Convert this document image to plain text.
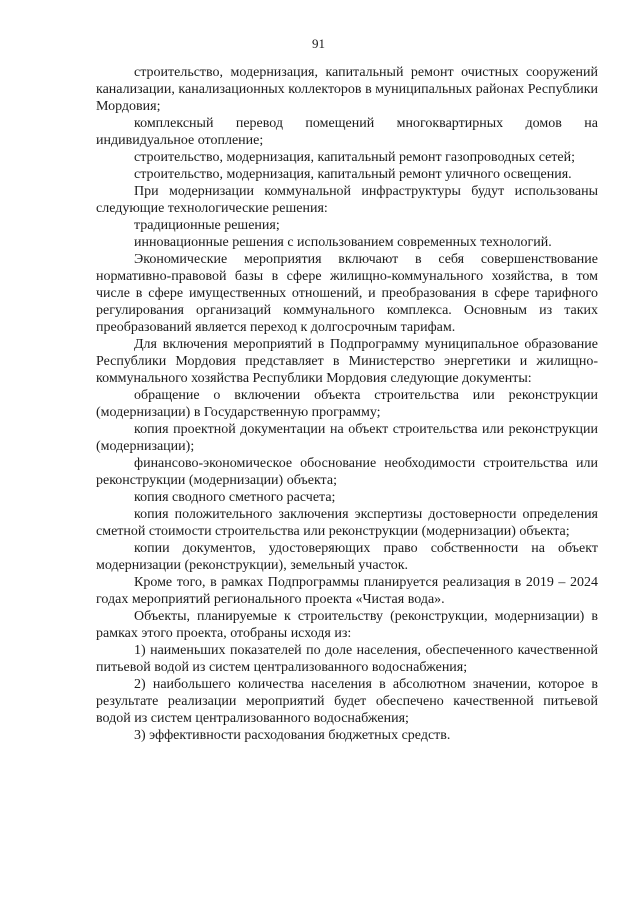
91

строительство, модернизация, капитальный ремонт очистных сооружений канализации, канализационных коллекторов в муниципальных районах Республики Мордовия;

комплексный перевод помещений многоквартирных домов на индивидуальное отопление;

строительство, модернизация, капитальный ремонт газопроводных сетей;

строительство, модернизация, капитальный ремонт уличного освещения.

При модернизации коммунальной инфраструктуры будут использованы следующие технологические решения:

традиционные решения;

инновационные решения с использованием современных технологий.

Экономические мероприятия включают в себя совершенствование нормативно-правовой базы в сфере жилищно-коммунального хозяйства, в том числе в сфере имущественных отношений, и преобразования в сфере тарифного регулирования организаций коммунального комплекса. Основным из таких преобразований является переход к долгосрочным тарифам.

Для включения мероприятий в Подпрограмму муниципальное образование Республики Мордовия представляет в Министерство энергетики и жилищно-коммунального хозяйства Республики Мордовия следующие документы:

обращение о включении объекта строительства или реконструкции (модернизации) в Государственную программу;

копия проектной документации на объект строительства или реконструкции (модернизации);

финансово-экономическое обоснование необходимости строительства или реконструкции (модернизации) объекта;

копия сводного сметного расчета;

копия положительного заключения экспертизы достоверности определения сметной стоимости строительства или реконструкции (модернизации) объекта;

копии документов, удостоверяющих право собственности на объект модернизации (реконструкции), земельный участок.

Кроме того, в рамках Подпрограммы планируется реализация в 2019 – 2024 годах мероприятий регионального проекта «Чистая вода».

Объекты, планируемые к строительству (реконструкции, модернизации) в рамках этого проекта, отобраны исходя из:

1) наименьших показателей по доле населения, обеспеченного качественной питьевой водой из систем централизованного водоснабжения;

2) наибольшего количества населения в абсолютном значении, которое в результате реализации мероприятий будет обеспечено качественной питьевой водой из систем централизованного водоснабжения;

3) эффективности расходования бюджетных средств.
